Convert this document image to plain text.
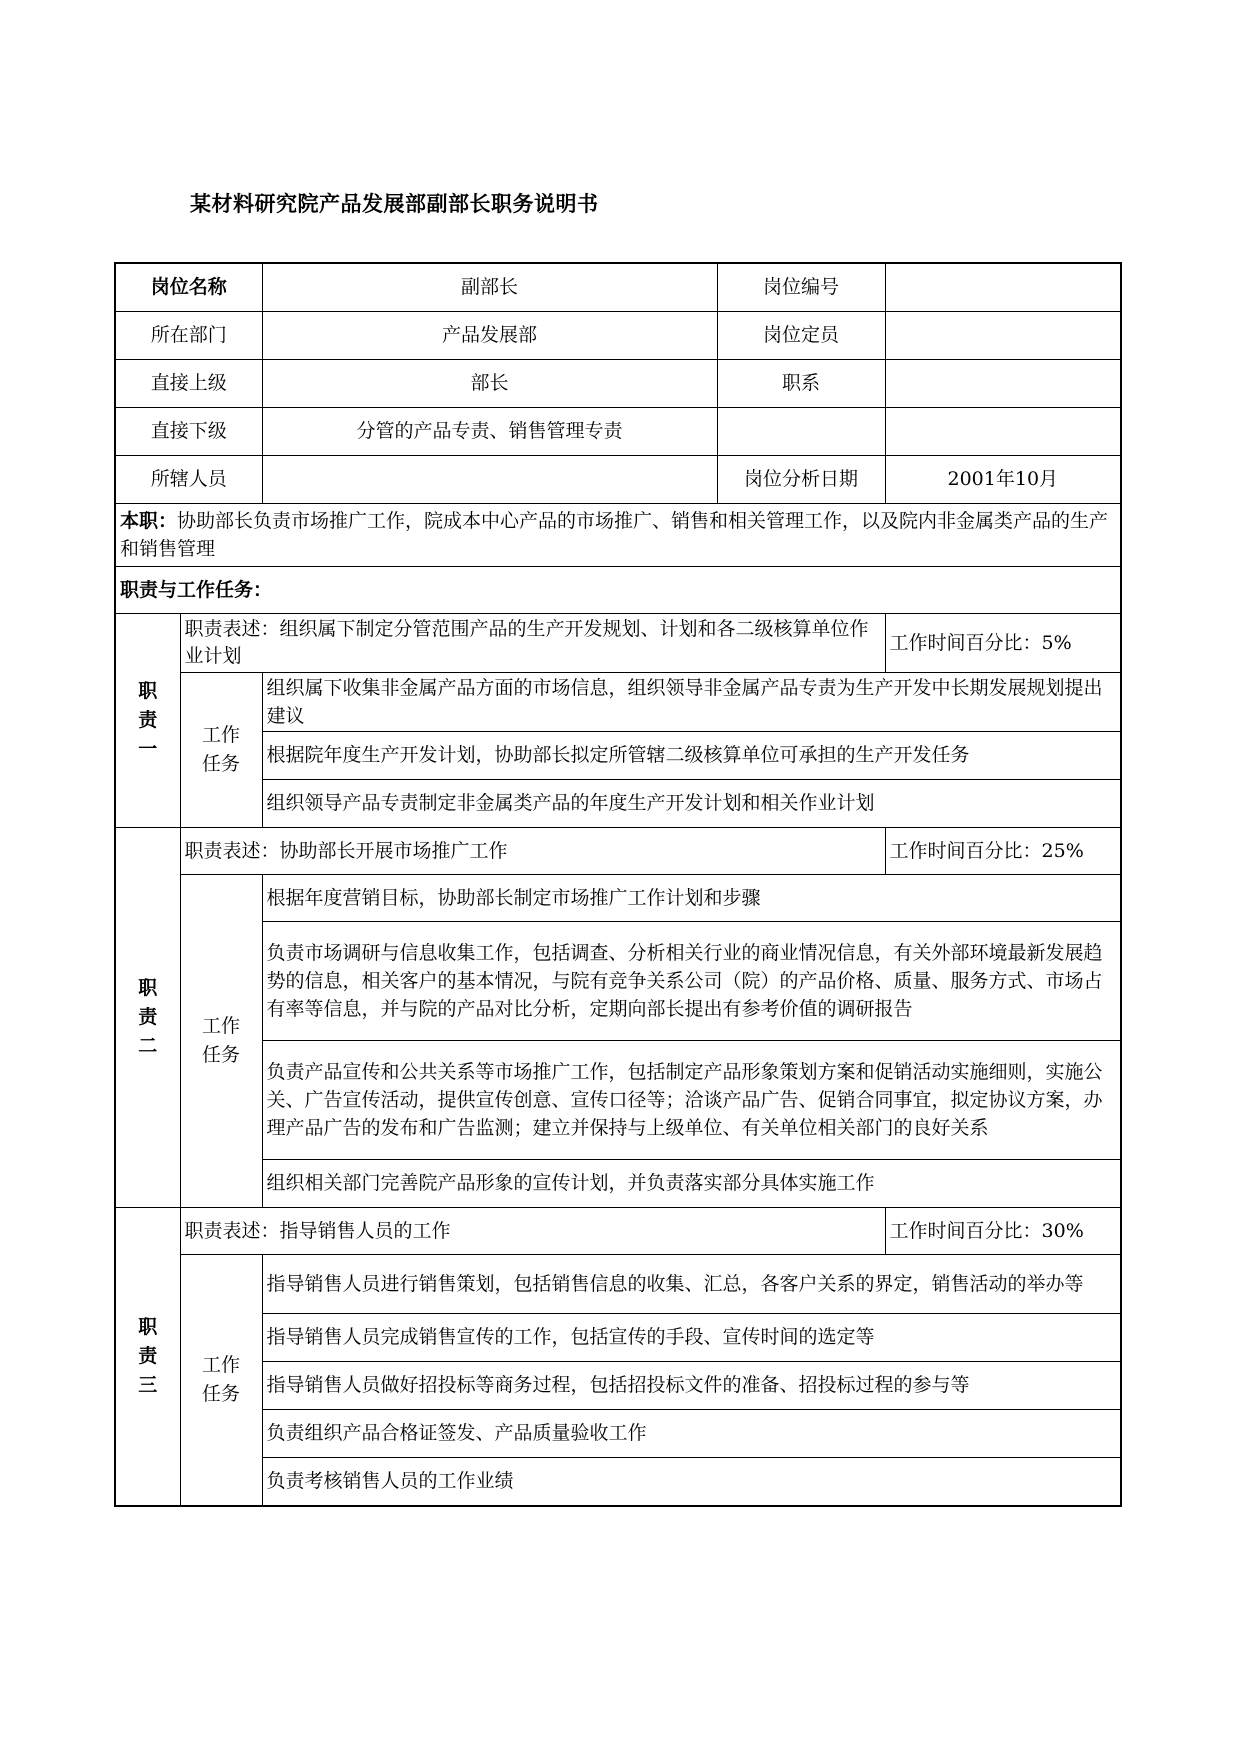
某材料研究院产品发展部副部长职务说明书
岗位名称		副部长	岗位编号	
所在部门		产品发展部	岗位定员	
直接上级		部长	职系	
直接下级		分管的产品专责、销售管理专责		
所辖人员			岗位分析日期	2001年10月
本职：协助部长负责市场推广工作，院成本中心产品的市场推广、销售和相关管理工作，以及院内非金属类产品的生产和销售管理				
职责与工作任务：				
职
责
一	职责表述：组织属下制定分管范围产品的生产开发规划、计划和各二级核算单位作业计划			工作时间百分比：5%
	工作
任务	组织属下收集非金属产品方面的市场信息，组织领导非金属产品专责为生产开发中长期发展规划提出建议		
		根据院年度生产开发计划，协助部长拟定所管辖二级核算单位可承担的生产开发任务		
		组织领导产品专责制定非金属类产品的年度生产开发计划和相关作业计划		
职
责
二	职责表述：协助部长开展市场推广工作			工作时间百分比：25%
	工作
任务	根据年度营销目标，协助部长制定市场推广工作计划和步骤		
		负责市场调研与信息收集工作，包括调查、分析相关行业的商业情况信息，有关外部环境最新发展趋势的信息，相关客户的基本情况，与院有竞争关系公司（院）的产品价格、质量、服务方式、市场占有率等信息，并与院的产品对比分析，定期向部长提出有参考价值的调研报告		
		负责产品宣传和公共关系等市场推广工作，包括制定产品形象策划方案和促销活动实施细则，实施公关、广告宣传活动，提供宣传创意、宣传口径等；洽谈产品广告、促销合同事宜，拟定协议方案，办理产品广告的发布和广告监测；建立并保持与上级单位、有关单位相关部门的良好关系		
		组织相关部门完善院产品形象的宣传计划，并负责落实部分具体实施工作		
职
责
三	职责表述：指导销售人员的工作			工作时间百分比：30%
	工作
任务	指导销售人员进行销售策划，包括销售信息的收集、汇总，各客户关系的界定，销售活动的举办等		
		指导销售人员完成销售宣传的工作，包括宣传的手段、宣传时间的选定等		
		指导销售人员做好招投标等商务过程，包括招投标文件的准备、招投标过程的参与等		
		负责组织产品合格证签发、产品质量验收工作		
		负责考核销售人员的工作业绩		
